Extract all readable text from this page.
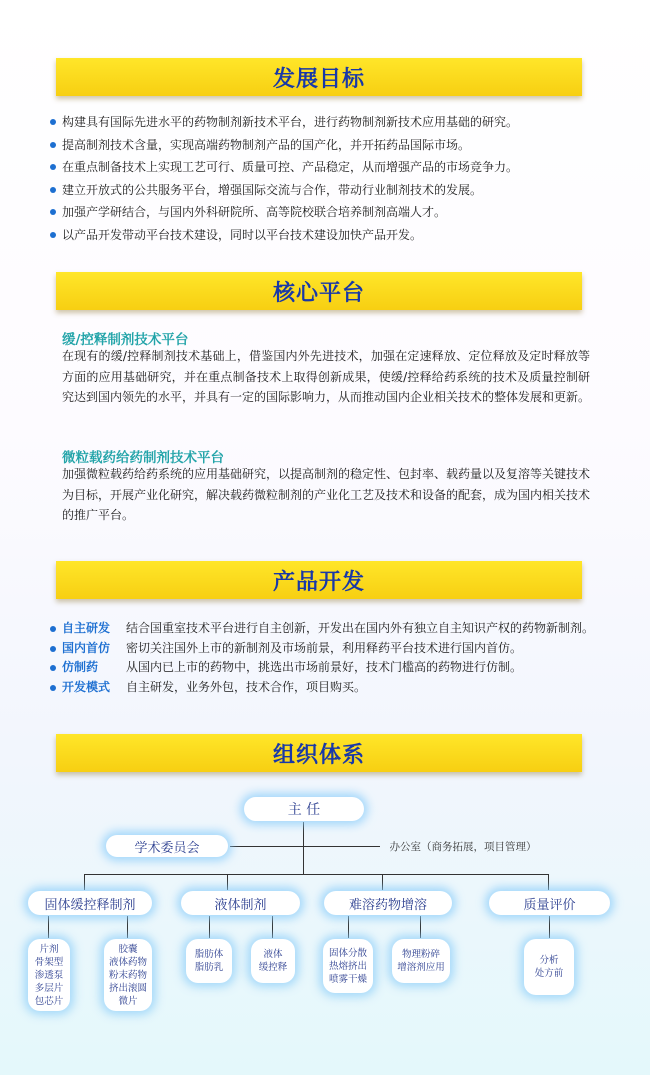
发展目标
构建具有国际先进水平的药物制剂新技术平台，进行药物制剂新技术应用基础的研究。
提高制剂技术含量，实现高端药物制剂产品的国产化，并开拓药品国际市场。
在重点制备技术上实现工艺可行、质量可控、产品稳定，从而增强产品的市场竞争力。
建立开放式的公共服务平台，增强国际交流与合作，带动行业制剂技术的发展。
加强产学研结合，与国内外科研院所、高等院校联合培养制剂高端人才。
以产品开发带动平台技术建设，同时以平台技术建设加快产品开发。
核心平台
缓/控释制剂技术平台
在现有的缓/控释制剂技术基础上，借鉴国内外先进技术，加强在定速释放、定位释放及定时释放等方面的应用基础研究，并在重点制备技术上取得创新成果，使缓/控释给药系统的技术及质量控制研究达到国内领先的水平，并具有一定的国际影响力，从而推动国内企业相关技术的整体发展和更新。
微粒载药给药制剂技术平台
加强微粒载药给药系统的应用基础研究，以提高制剂的稳定性、包封率、载药量以及复溶等关键技术为目标，开展产业化研究，解决载药微粒制剂的产业化工艺及技术和设备的配套，成为国内相关技术的推广平台。
产品开发
自主研发 结合国重室技术平台进行自主创新，开发出在国内外有独立自主知识产权的药物新制剂。
国内首仿 密切关注国外上市的新制剂及市场前景，利用释药平台技术进行国内首仿。
仿制药 从国内已上市的药物中，挑选出市场前景好，技术门槛高的药物进行仿制。
开发模式 自主研发，业务外包，技术合作，项目购买。
组织体系
主 任
学术委员会	办公室（商务拓展，项目管理）
固体缓控释制剂	液体制剂	难溶药物增溶	质量评价
片剂
骨架型
渗透泵
多层片
包芯片
胶囊
液体药物
粉末药物
挤出滚圆
微片
脂肪体
脂肪乳
液体
缓控释
固体分散
热熔挤出
喷雾干燥
物理粉碎
增溶剂应用
分析
处方前
